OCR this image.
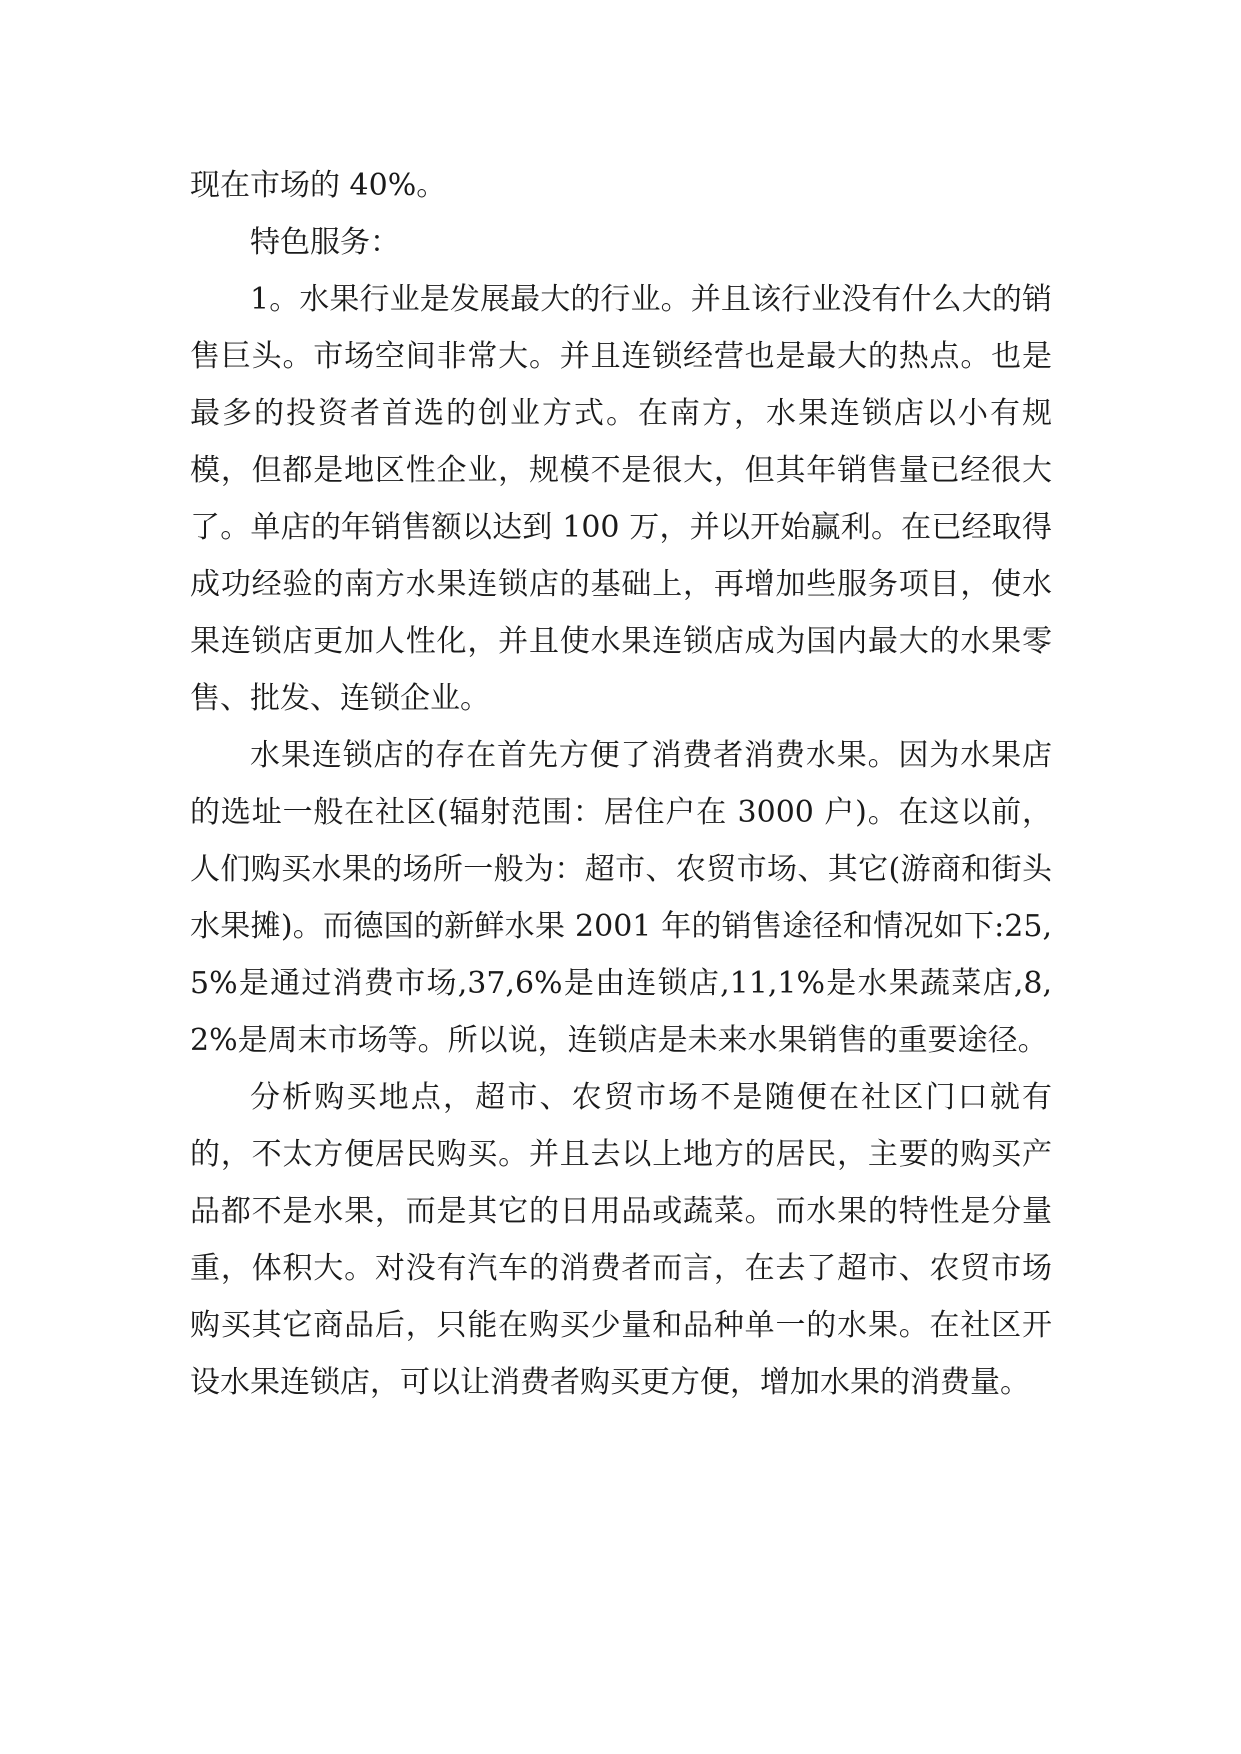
现在市场的 40%。

特色服务：

1。水果行业是发展最大的行业。并且该行业没有什么大的销售巨头。市场空间非常大。并且连锁经营也是最大的热点。也是最多的投资者首选的创业方式。在南方，水果连锁店以小有规模，但都是地区性企业，规模不是很大，但其年销售量已经很大了。单店的年销售额以达到 100 万，并以开始赢利。在已经取得成功经验的南方水果连锁店的基础上，再增加些服务项目，使水果连锁店更加人性化，并且使水果连锁店成为国内最大的水果零售、批发、连锁企业。

水果连锁店的存在首先方便了消费者消费水果。因为水果店的选址一般在社区(辐射范围：居住户在 3000 户)。在这以前，人们购买水果的场所一般为：超市、农贸市场、其它(游商和街头水果摊)。而德国的新鲜水果 2001 年的销售途径和情况如下:25,5%是通过消费市场,37,6%是由连锁店,11,1%是水果蔬菜店,8,2%是周末市场等。所以说，连锁店是未来水果销售的重要途径。

分析购买地点，超市、农贸市场不是随便在社区门口就有的，不太方便居民购买。并且去以上地方的居民，主要的购买产品都不是水果，而是其它的日用品或蔬菜。而水果的特性是分量重，体积大。对没有汽车的消费者而言，在去了超市、农贸市场购买其它商品后，只能在购买少量和品种单一的水果。在社区开设水果连锁店，可以让消费者购买更方便，增加水果的消费量。
